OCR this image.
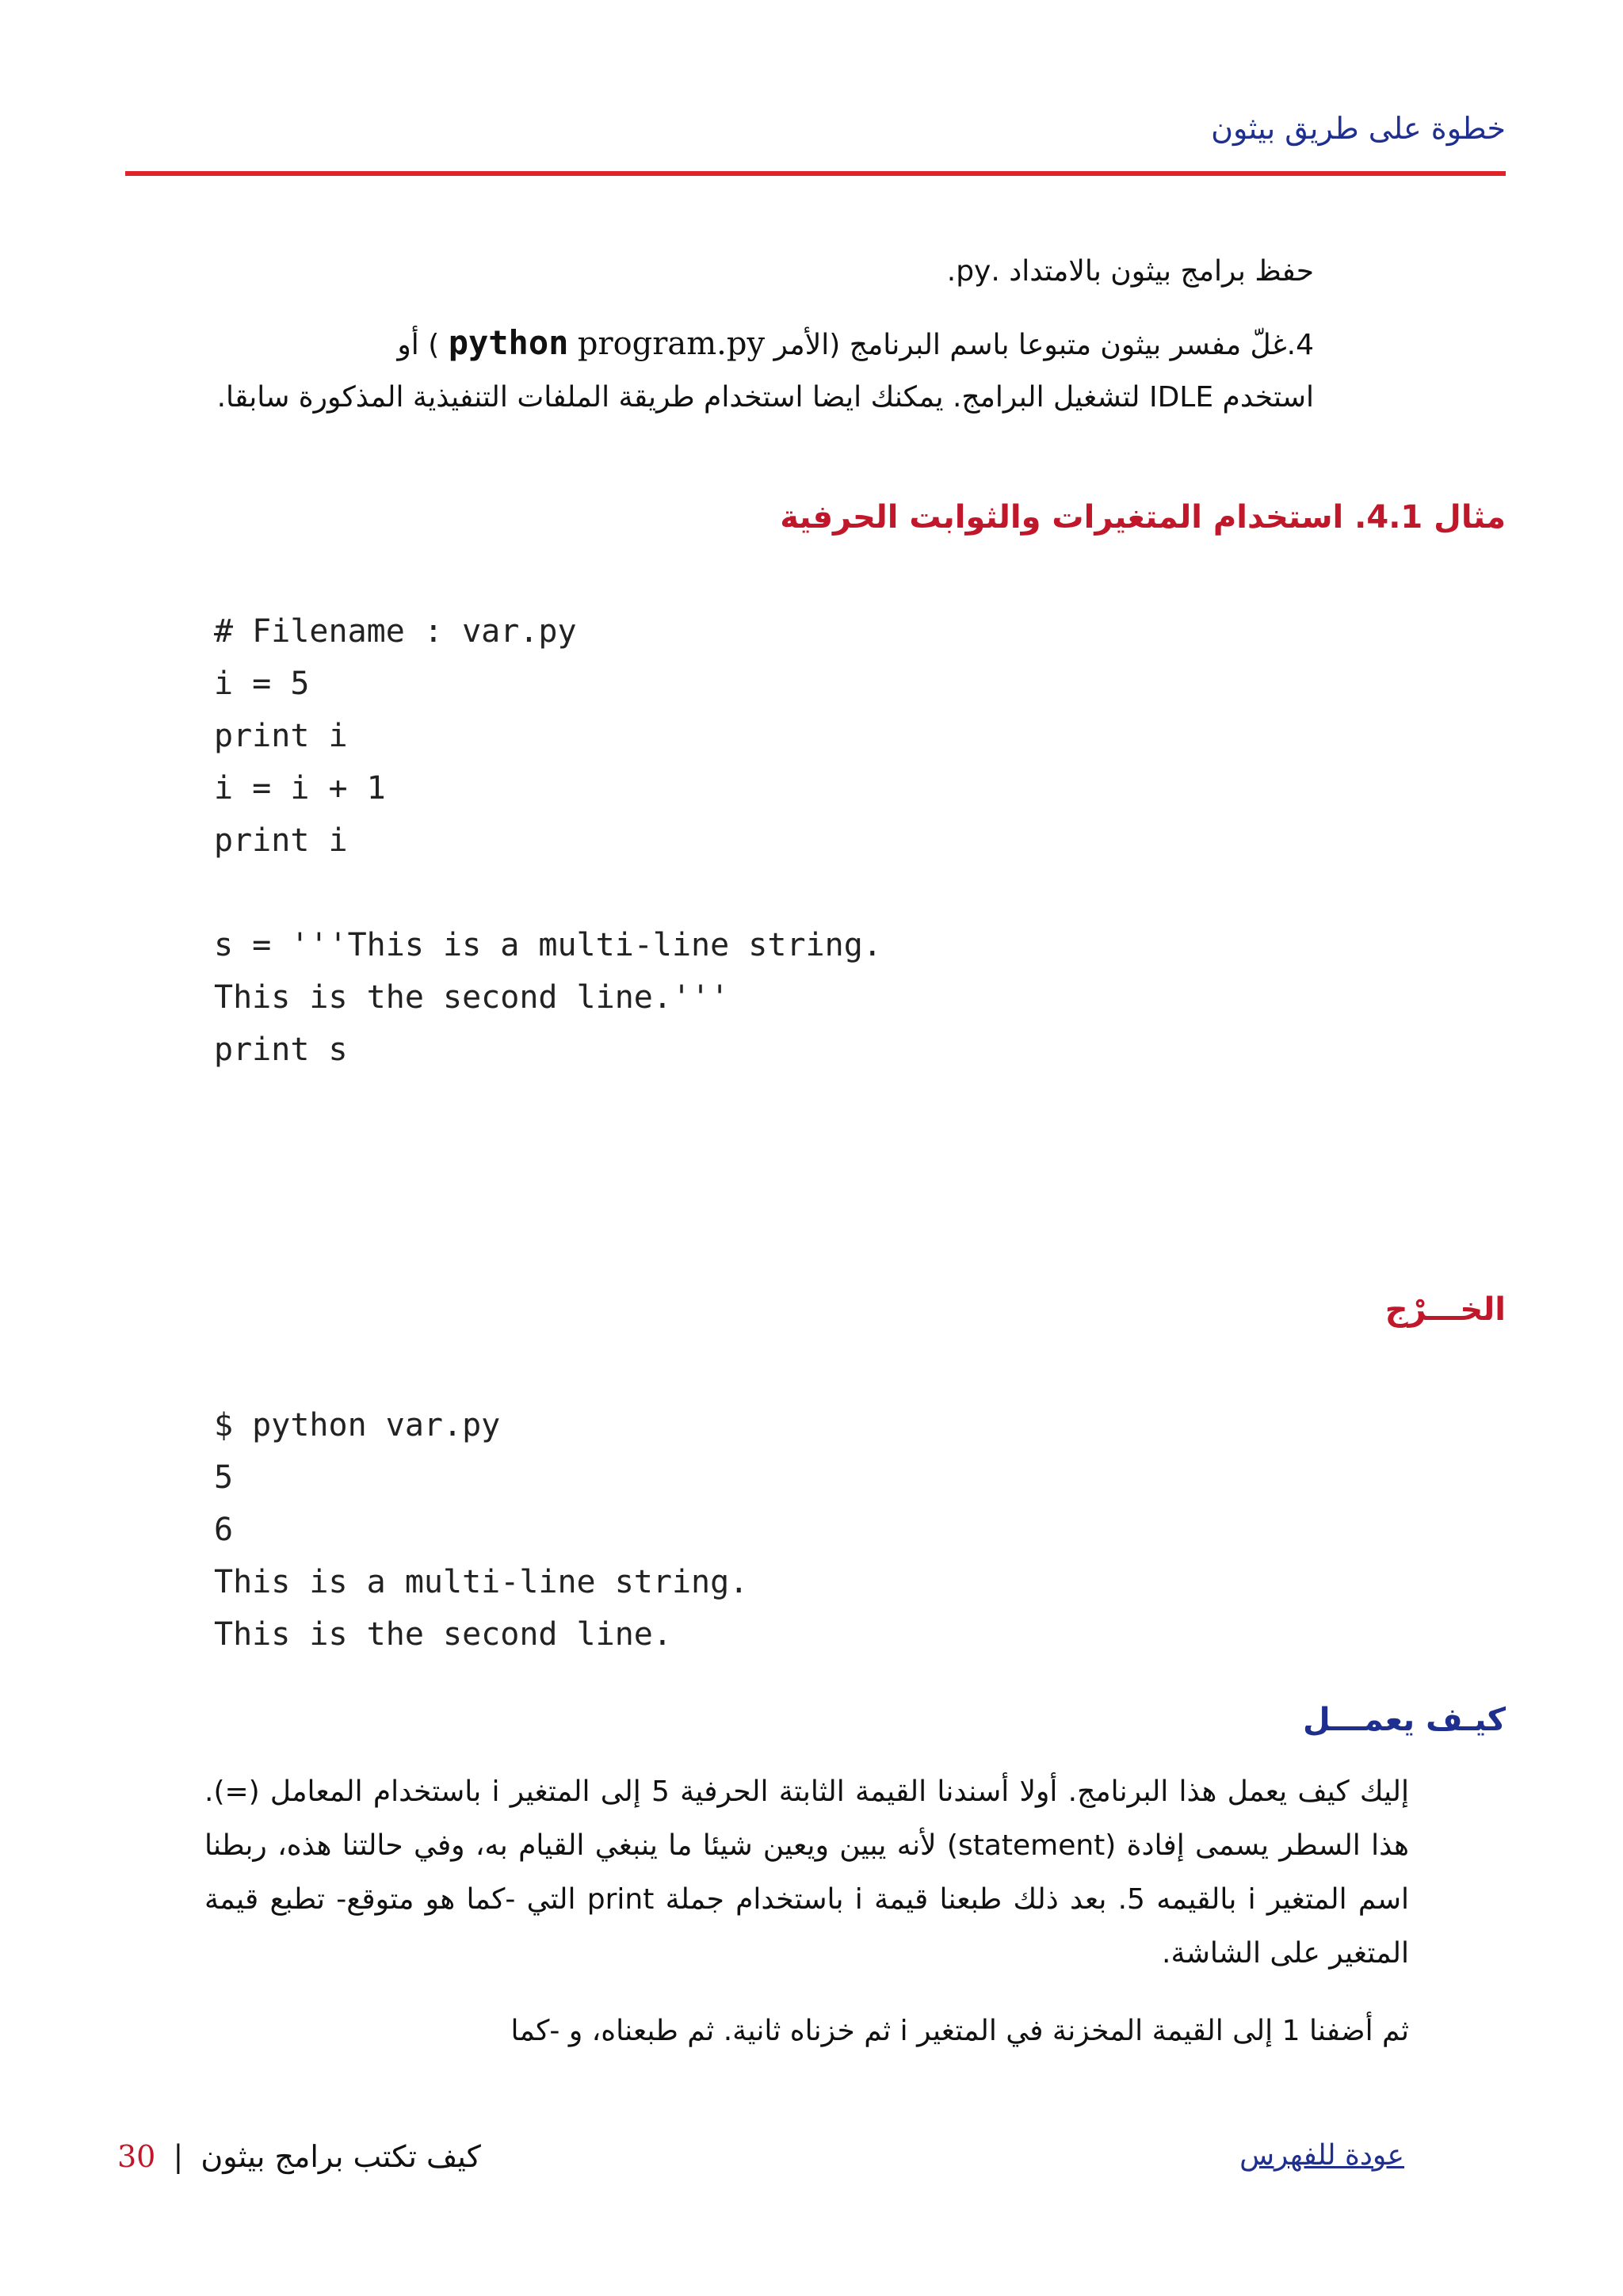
خطوة على طريق بيثون
حفظ برامج بيثون بالامتداد .py.
4.غلّ مفسر بيثون متبوعا باسم البرنامج (الأمر python program.py ) أو
استخدم IDLE لتشغيل البرامج. يمكنك ايضا استخدام طريقة الملفات التنفيذية المذكورة سابقا.
مثال 4.1. استخدام المتغيرات والثوابت الحرفية
# Filename : var.py
i = 5
print i
i = i + 1
print i
s = '''This is a multi-line string.
This is the second line.'''
print s
الخـــرْج
$ python var.py
5
6
This is a multi-line string.
This is the second line.
كيـف يعمـــل
إليك كيف يعمل هذا البرنامج. أولا أسندنا القيمة الثابتة الحرفية 5 إلى المتغير i باستخدام المعامل (=). هذا السطر يسمى إفادة (statement) لأنه يبين ويعين شيئا ما ينبغي القيام به، وفي حالتنا هذه، ربطنا اسم المتغير i بالقيمه 5. بعد ذلك طبعنا قيمة i باستخدام جملة print التي -كما هو متوقع- تطبع قيمة المتغير على الشاشة.
ثم أضفنا 1 إلى القيمة المخزنة في المتغير i ثم خزناه ثانية. ثم طبعناه، و -كما
30 | كيف تكتب برامج بيثون	عودة للفهرس
